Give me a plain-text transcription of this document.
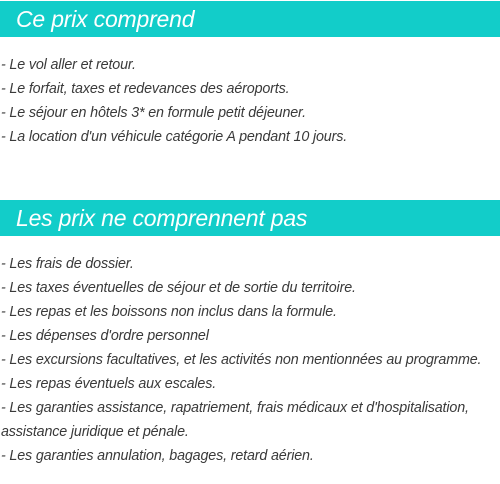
Ce prix comprend
- Le vol aller et retour.
- Le forfait, taxes et redevances des aéroports.
- Le séjour en hôtels 3* en formule petit déjeuner.
- La location d'un véhicule catégorie A pendant 10 jours.
Les prix ne comprennent pas
- Les frais de dossier.
- Les taxes éventuelles de séjour et de sortie du territoire.
- Les repas et les boissons non inclus dans la formule.
- Les dépenses d'ordre personnel
- Les excursions facultatives, et les activités non mentionnées au programme.
- Les repas éventuels aux escales.
- Les garanties assistance, rapatriement, frais médicaux et d'hospitalisation, assistance juridique et pénale.
- Les garanties annulation, bagages, retard aérien.
